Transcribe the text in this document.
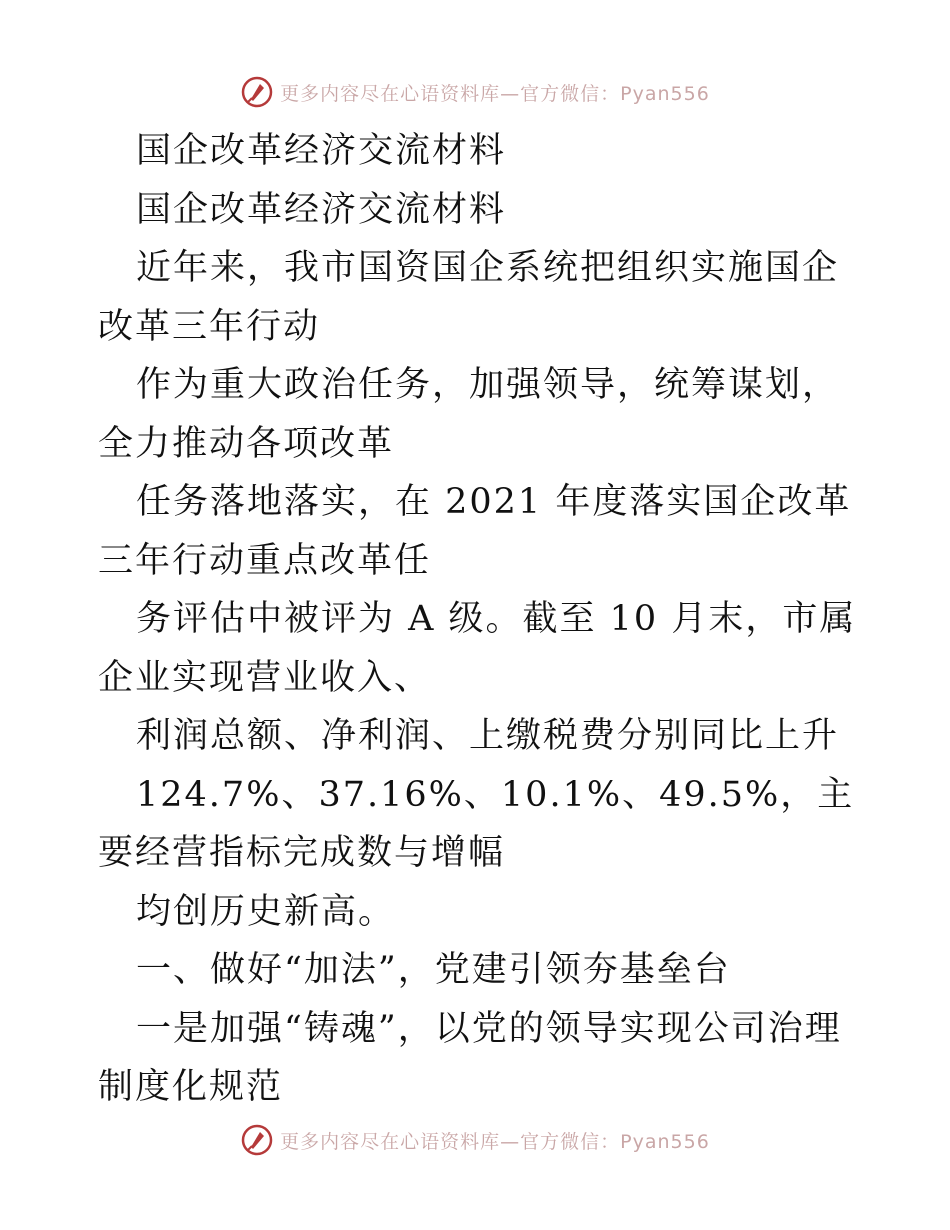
更多内容尽在心语资料库—官方微信：Pyan556

国企改革经济交流材料

国企改革经济交流材料

近年来，我市国资国企系统把组织实施国企改革三年行动

作为重大政治任务，加强领导，统筹谋划，全力推动各项改革

任务落地落实，在 2021 年度落实国企改革三年行动重点改革任

务评估中被评为 A 级。截至 10 月末，市属企业实现营业收入、

利润总额、净利润、上缴税费分别同比上升

124.7%、37.16%、10.1%、49.5%，主要经营指标完成数与增幅

均创历史新高。

一、做好“加法”，党建引领夯基垒台

一是加强“铸魂”，以党的领导实现公司治理制度化规范

更多内容尽在心语资料库—官方微信：Pyan556
